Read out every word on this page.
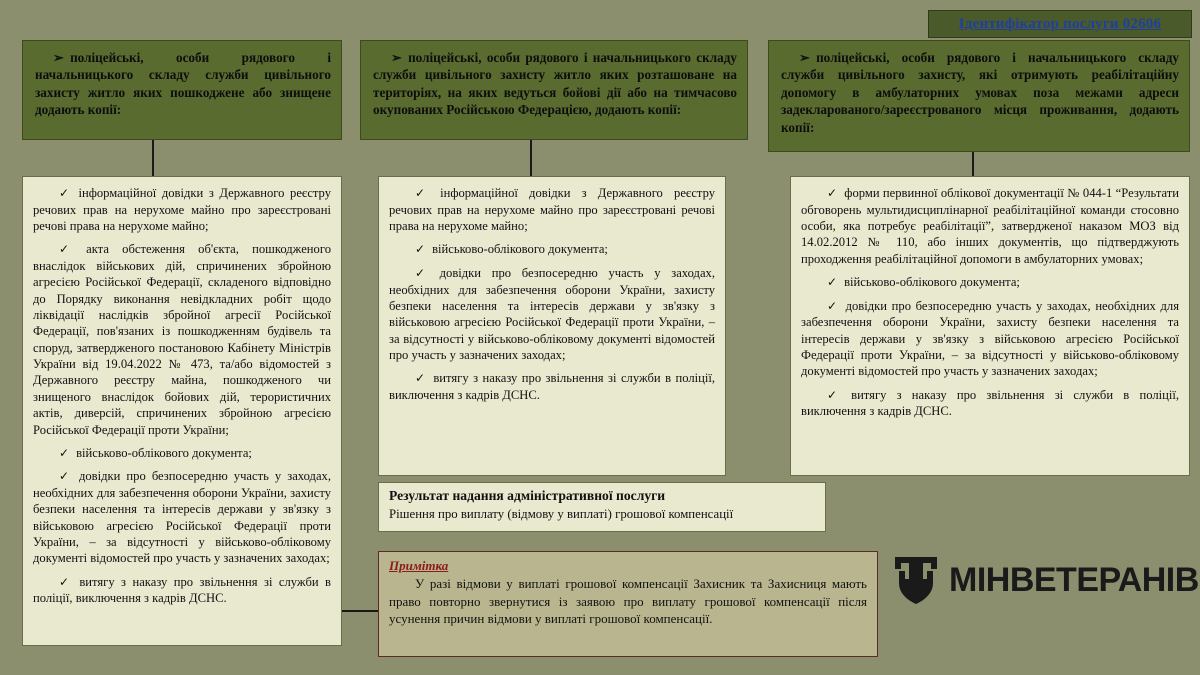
Ідентифікатор послуги 02606

➢ поліцейські, особи рядового і начальницького складу служби цивільного захисту житло яких пошкоджене або знищене додають копії:

➢ поліцейські, особи рядового і начальницького складу служби цивільного захисту житло яких розташоване на територіях, на яких ведуться бойові дії або на тимчасово окупованих Російською Федерацією, додають копії:

➢ поліцейські, особи рядового і начальницького складу служби цивільного захисту, які отримують реабілітаційну допомогу в амбулаторних умовах поза межами адреси задекларованого/зареєстрованого місця проживання, додають копії:

✓ інформаційної довідки з Державного реєстру речових прав на нерухоме майно про зареєстровані речові права на нерухоме майно;

✓ акта обстеження об'єкта, пошкодженого внаслідок військових дій, спричинених збройною агресією Російської Федерації, складеного відповідно до Порядку виконання невідкладних робіт щодо ліквідації наслідків збройної агресії Російської Федерації, пов'язаних із пошкодженням будівель та споруд, затвердженого постановою Кабінету Міністрів України від 19.04.2022 № 473, та/або відомостей з Державного реєстру майна, пошкодженого чи знищеного внаслідок бойових дій, терористичних актів, диверсій, спричинених збройною агресією Російської Федерації проти України;

✓ військово-облікового документа;

✓ довідки про безпосередню участь у заходах, необхідних для забезпечення оборони України, захисту безпеки населення та інтересів держави у зв'язку з військовою агресією Російської Федерації проти України, – за відсутності у військово-обліковому документі відомостей про участь у зазначених заходах;

✓ витягу з наказу про звільнення зі служби в поліції, виключення з кадрів ДСНС.

✓ інформаційної довідки з Державного реєстру речових прав на нерухоме майно про зареєстровані речові права на нерухоме майно;

✓ військово-облікового документа;

✓ довідки про безпосередню участь у заходах, необхідних для забезпечення оборони України, захисту безпеки населення та інтересів держави у зв'язку з військовою агресією Російської Федерації проти України, – за відсутності у військово-обліковому документі відомостей про участь у зазначених заходах;

✓ витягу з наказу про звільнення зі служби в поліції, виключення з кадрів ДСНС.

✓ форми первинної облікової документації № 044-1 “Результати обговорень мультидисциплінарної реабілітаційної команди стосовно особи, яка потребує реабілітації”, затвердженої наказом МОЗ від 14.02.2012 № 110, або інших документів, що підтверджують проходження реабілітаційної допомоги в амбулаторних умовах;

✓ військово-облікового документа;

✓ довідки про безпосередню участь у заходах, необхідних для забезпечення оборони України, захисту безпеки населення та інтересів держави у зв'язку з військовою агресією Російської Федерації проти України, – за відсутності у військово-обліковому документі відомостей про участь у зазначених заходах;

✓ витягу з наказу про звільнення зі служби в поліції, виключення з кадрів ДСНС.

Результат надання адміністративної послуги
Рішення про виплату (відмову у виплаті) грошової компенсації
Примітка
У разі відмови у виплаті грошової компенсації Захисник та Захисниця мають право повторно звернутися із заявою про виплату грошової компенсації після усунення причин відмови у виплаті грошової компенсації.
МІНВЕТЕРАНІВ
